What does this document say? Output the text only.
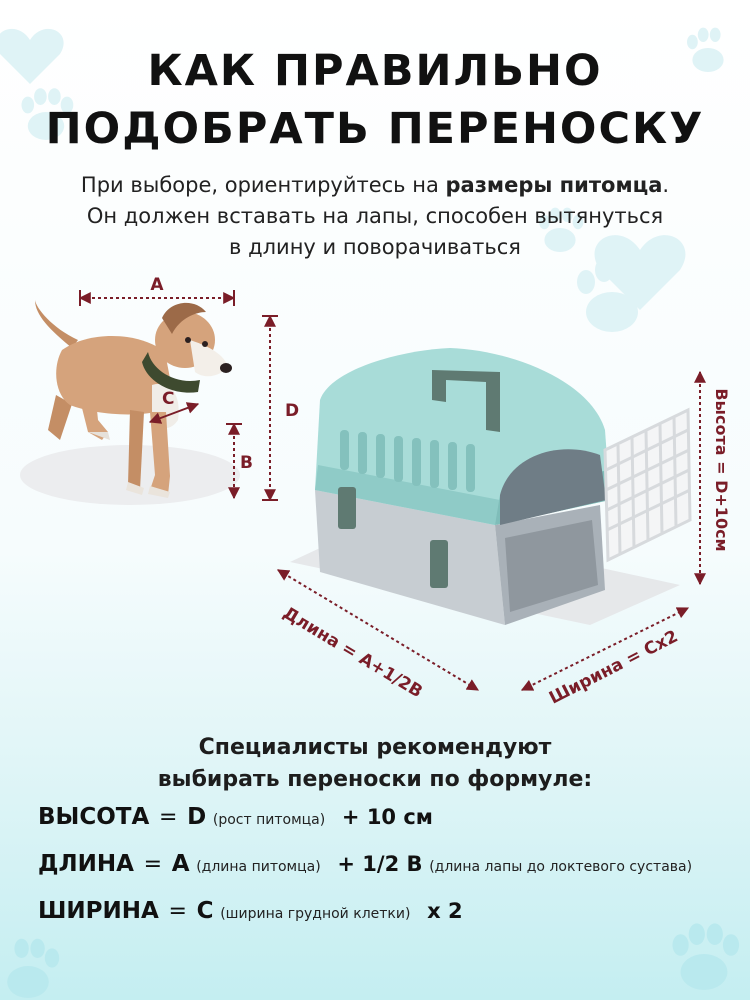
КАК ПРАВИЛЬНО
ПОДОБРАТЬ ПЕРЕНОСКУ

При выборе, ориентируйтесь на размеры питомца.
Он должен вставать на лапы, способен вытянуться
в длину и поворачиваться

A
D
B
C
Длина = A+1/2B	Ширина = Cx2
Высота = D+10см

Специалисты рекомендуют
выбирать переноски по формуле:

ВЫСОТА = D (рост питомца) + 10 см
ДЛИНА = A (длина питомца) + 1/2 B (длина лапы до локтевого сустава)
ШИРИНА = C (ширина грудной клетки) x 2
